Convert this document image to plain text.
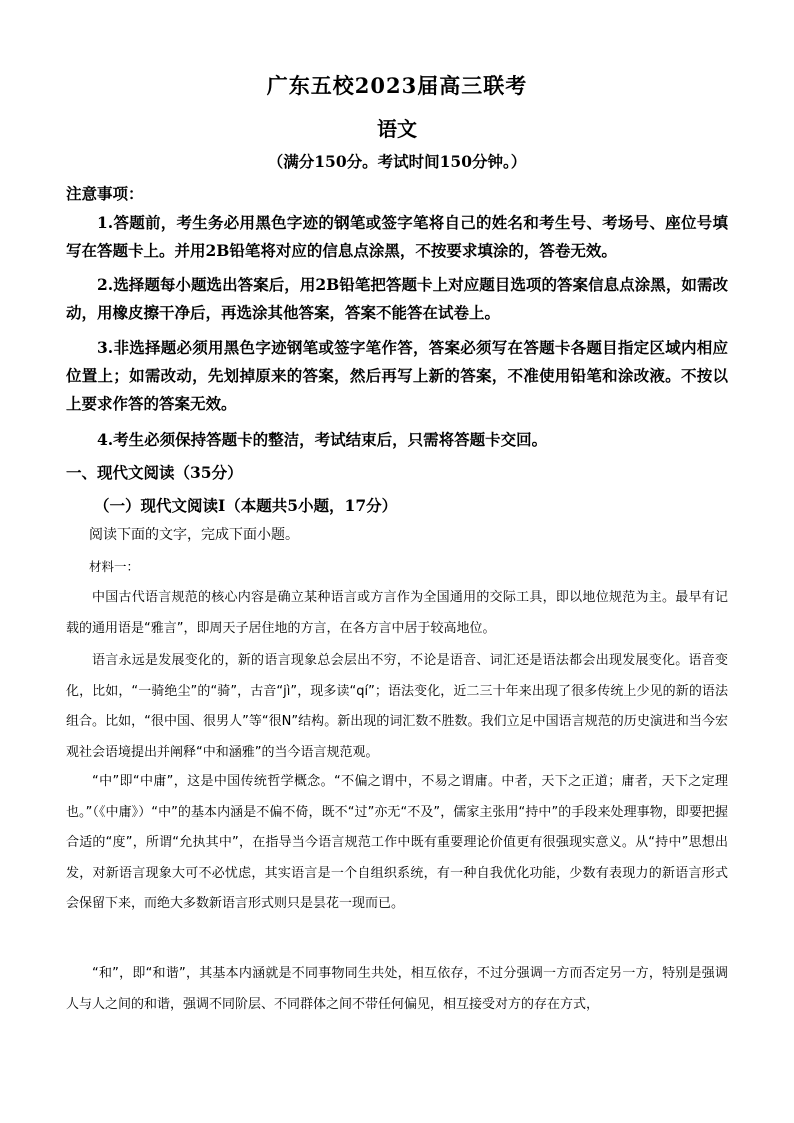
广东五校2023届高三联考
语文
（满分150分。考试时间150分钟。）
注意事项：
1.答题前，考生务必用黑色字迹的钢笔或签字笔将自己的姓名和考生号、考场号、座位号填写在答题卡上。并用2B铅笔将对应的信息点涂黑，不按要求填涂的，答卷无效。
2.选择题每小题选出答案后，用2B铅笔把答题卡上对应题目选项的答案信息点涂黑，如需改动，用橡皮擦干净后，再选涂其他答案，答案不能答在试卷上。
3.非选择题必须用黑色字迹钢笔或签字笔作答，答案必须写在答题卡各题目指定区域内相应位置上；如需改动，先划掉原来的答案，然后再写上新的答案，不准使用铅笔和涂改液。不按以上要求作答的答案无效。
4.考生必须保持答题卡的整洁，考试结束后，只需将答题卡交回。
一、现代文阅读（35分）
（一）现代文阅读Ⅰ（本题共5小题，17分）
阅读下面的文字，完成下面小题。
材料一：
中国古代语言规范的核心内容是确立某种语言或方言作为全国通用的交际工具，即以地位规范为主。最早有记载的通用语是“雅言”，即周天子居住地的方言，在各方言中居于较高地位。
语言永远是发展变化的，新的语言现象总会层出不穷，不论是语音、词汇还是语法都会出现发展变化。语音变化，比如，“一骑绝尘”的“骑”，古音“jì”，现多读“qí”；语法变化，近二三十年来出现了很多传统上少见的新的语法组合。比如，“很中国、很男人”等“很N”结构。新出现的词汇数不胜数。我们立足中国语言规范的历史演进和当今宏观社会语境提出并阐释“中和涵雅”的当今语言规范观。
“中”即“中庸”，这是中国传统哲学概念。“不偏之谓中，不易之谓庸。中者，天下之正道；庸者，天下之定理也。”（《中庸》）“中”的基本内涵是不偏不倚，既不“过”亦无“不及”，儒家主张用“持中”的手段来处理事物，即要把握合适的“度”，所谓“允执其中”，在指导当今语言规范工作中既有重要理论价值更有很强现实意义。从“持中”思想出发，对新语言现象大可不必忧虑，其实语言是一个自组织系统，有一种自我优化功能，少数有表现力的新语言形式会保留下来，而绝大多数新语言形式则只是昙花一现而已。
“和”，即“和谐”，其基本内涵就是不同事物同生共处，相互依存，不过分强调一方而否定另一方，特别是强调人与人之间的和谐，强调不同阶层、不同群体之间不带任何偏见，相互接受对方的存在方式，
